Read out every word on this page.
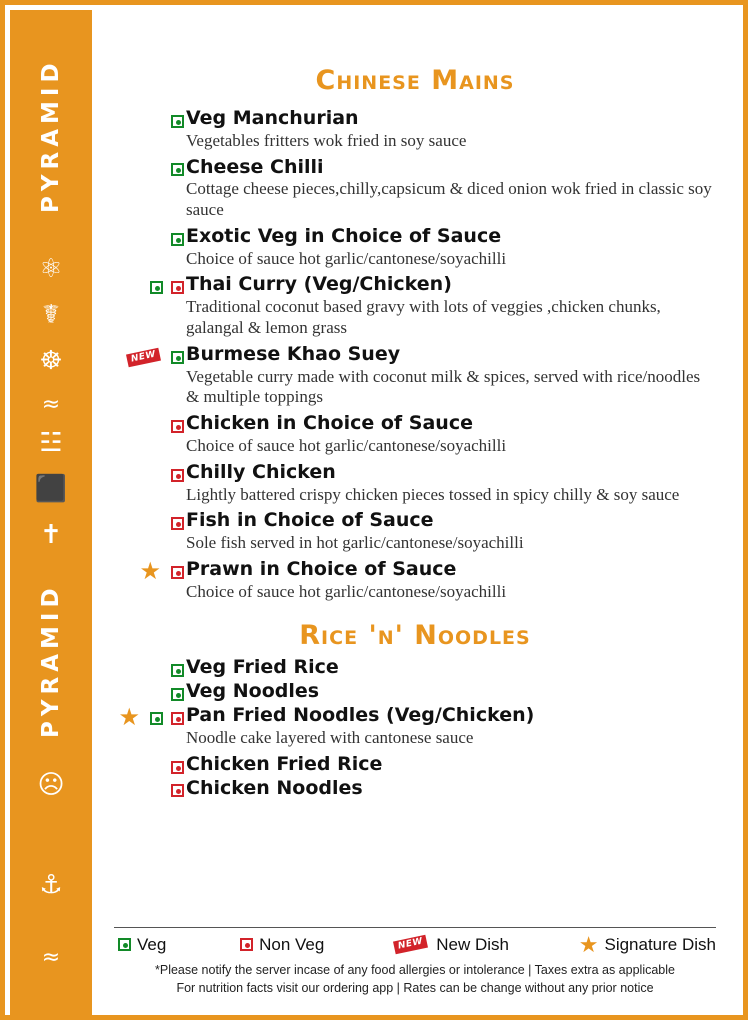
PYRAMID
PYRAMID
⚛
☤
☸
≈
☳
⬛
✝
☹
⚓
≈
Chinese Mains
Veg Manchurian
Vegetables fritters wok fried in soy sauce
Cheese Chilli
Cottage cheese pieces,chilly,capsicum & diced onion wok fried in classic soy sauce
Exotic Veg in Choice of Sauce
Choice of sauce hot garlic/cantonese/soyachilli

Thai Curry (Veg/Chicken)
Traditional coconut based gravy with lots of veggies ,chicken chunks, galangal & lemon grass
NEW	Burmese Khao Suey
Vegetable curry made with coconut milk & spices, served with rice/noodles & multiple toppings
Chicken in Choice of Sauce
Choice of sauce hot garlic/cantonese/soyachilli
Chilly Chicken
Lightly battered crispy chicken pieces tossed in spicy chilly & soy sauce
Fish in Choice of Sauce
Sole fish served in hot garlic/cantonese/soyachilli
★	Prawn in Choice of Sauce
Choice of sauce hot garlic/cantonese/soyachilli
Rice 'n' Noodles
Veg Fried Rice
Veg Noodles
★	Pan Fried Noodles (Veg/Chicken)
Noodle cake layered with cantonese sauce
Chicken Fried Rice
Chicken Noodles
Veg	Non Veg	NEW New Dish	★ Signature Dish
*Please notify the server incase of any food allergies or intolerance | Taxes extra as applicable
For nutrition facts visit our ordering app | Rates can be change without any prior notice
